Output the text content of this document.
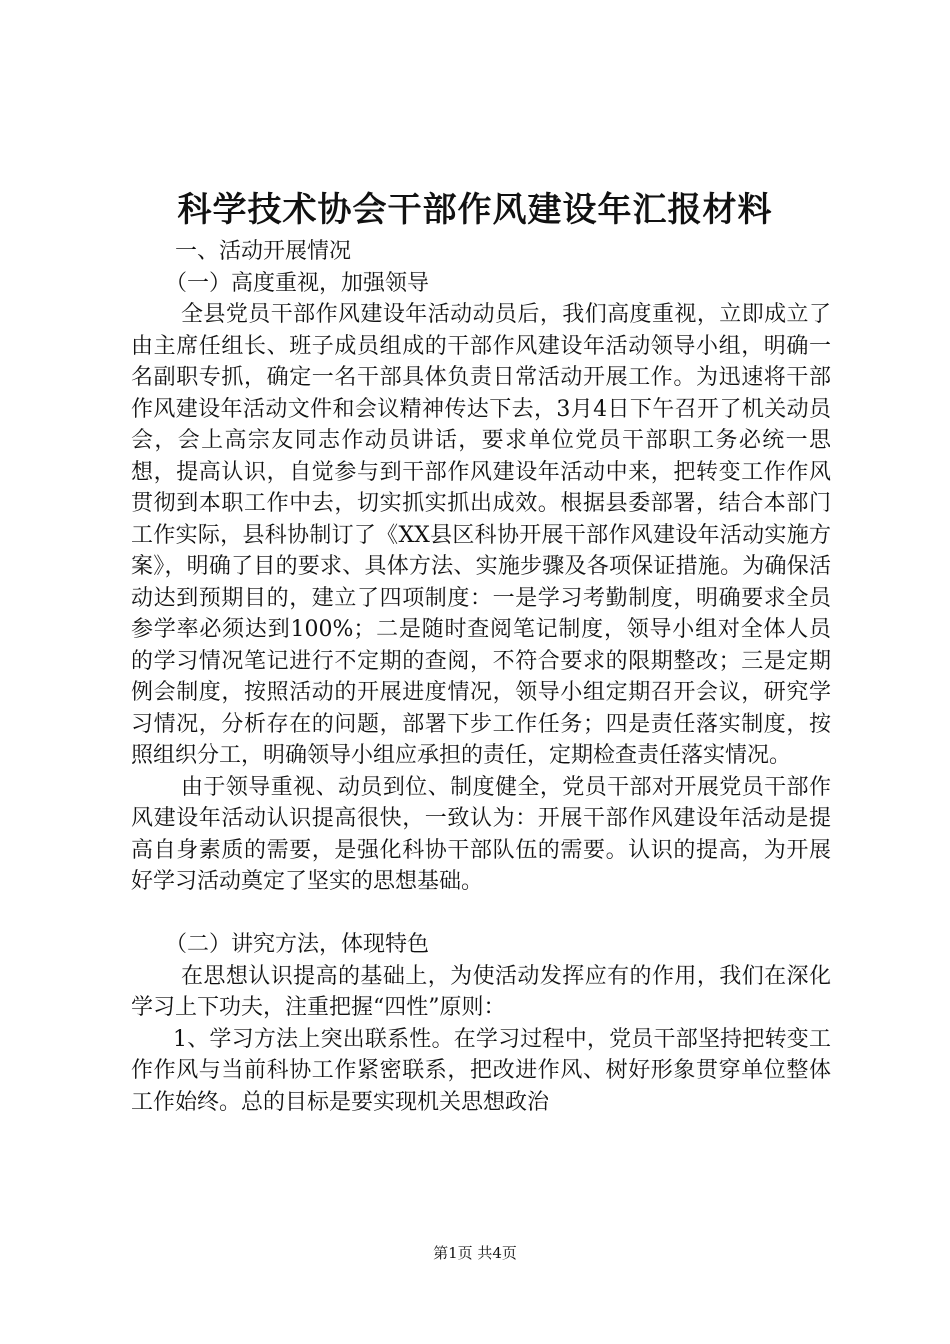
科学技术协会干部作风建设年汇报材料

一、活动开展情况

（一）高度重视，加强领导

全县党员干部作风建设年活动动员后，我们高度重视，立即成立了由主席任组长、班子成员组成的干部作风建设年活动领导小组，明确一名副职专抓，确定一名干部具体负责日常活动开展工作。为迅速将干部作风建设年活动文件和会议精神传达下去，3月4日下午召开了机关动员会，会上高宗友同志作动员讲话，要求单位党员干部职工务必统一思想，提高认识，自觉参与到干部作风建设年活动中来，把转变工作作风贯彻到本职工作中去，切实抓实抓出成效。根据县委部署，结合本部门工作实际，县科协制订了《XX县区科协开展干部作风建设年活动实施方案》，明确了目的要求、具体方法、实施步骤及各项保证措施。为确保活动达到预期目的，建立了四项制度：一是学习考勤制度，明确要求全员参学率必须达到100%；二是随时查阅笔记制度，领导小组对全体人员的学习情况笔记进行不定期的查阅，不符合要求的限期整改；三是定期例会制度，按照活动的开展进度情况，领导小组定期召开会议，研究学习情况，分析存在的问题，部署下步工作任务；四是责任落实制度，按照组织分工，明确领导小组应承担的责任，定期检查责任落实情况。

由于领导重视、动员到位、制度健全，党员干部对开展党员干部作风建设年活动认识提高很快，一致认为：开展干部作风建设年活动是提高自身素质的需要，是强化科协干部队伍的需要。认识的提高，为开展好学习活动奠定了坚实的思想基础。

（二）讲究方法，体现特色

在思想认识提高的基础上，为使活动发挥应有的作用，我们在深化学习上下功夫，注重把握“四性”原则：

1、学习方法上突出联系性。在学习过程中，党员干部坚持把转变工作作风与当前科协工作紧密联系，把改进作风、树好形象贯穿单位整体工作始终。总的目标是要实现机关思想政治

第1页 共4页
